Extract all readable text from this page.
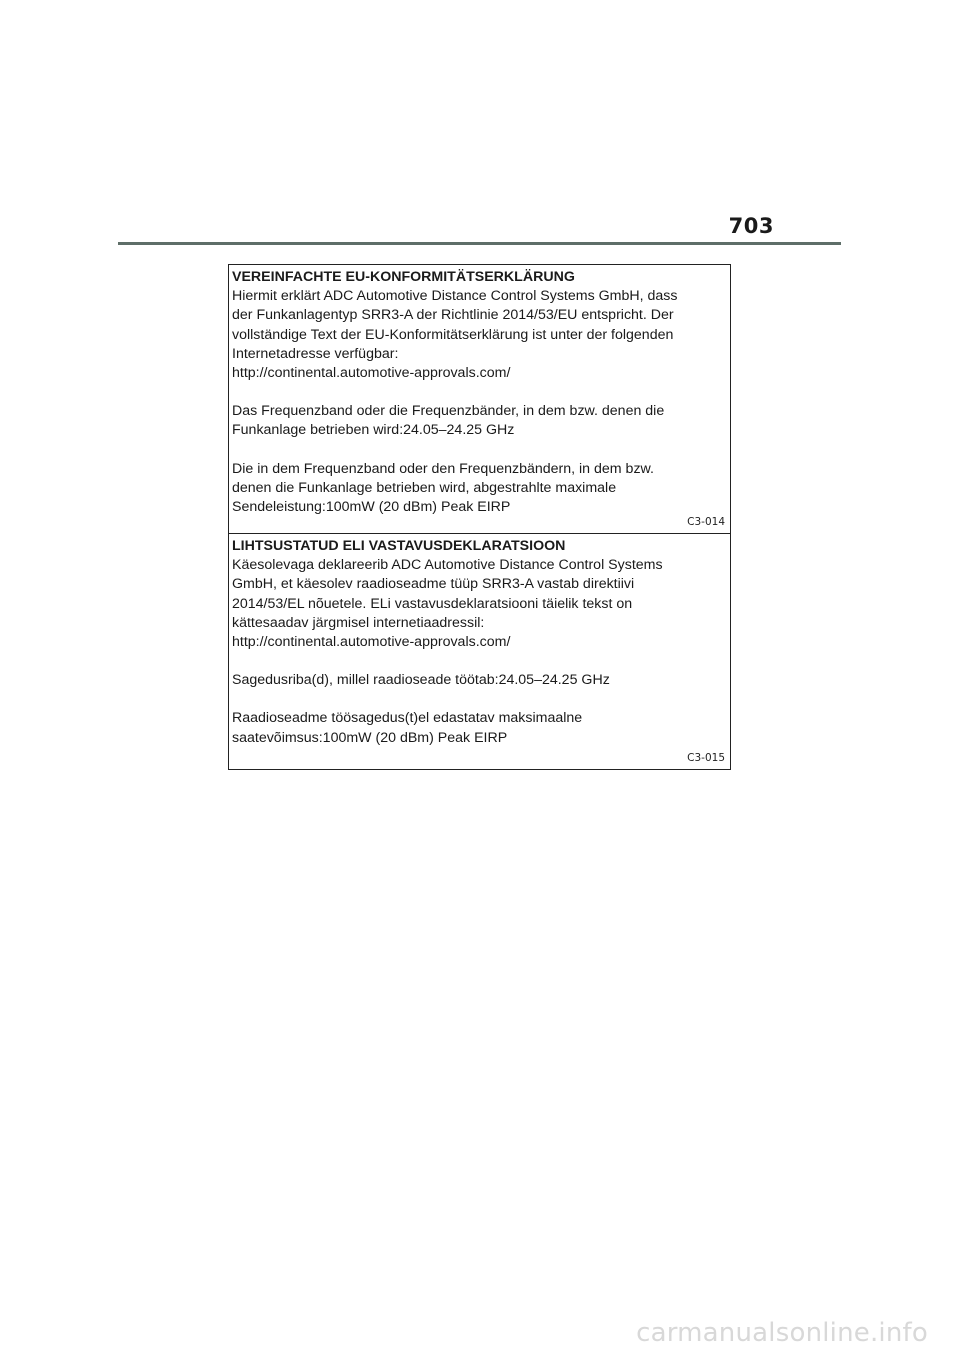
703

VEREINFACHTE EU-KONFORMITÄTSERKLÄRUNG

Hiermit erklärt ADC Automotive Distance Control Systems GmbH, dass
der Funkanlagentyp SRR3-A der Richtlinie 2014/53/EU entspricht. Der
vollständige Text der EU-Konformitätserklärung ist unter der folgenden
Internetadresse verfügbar:
http://continental.automotive-approvals.com/
Das Frequenzband oder die Frequenzbänder, in dem bzw. denen die
Funkanlage betrieben wird:24.05–24.25 GHz
Die in dem Frequenzband oder den Frequenzbändern, in dem bzw.
denen die Funkanlage betrieben wird, abgestrahlte maximale
Sendeleistung:100mW (20 dBm) Peak EIRP
C3-014

LIHTSUSTATUD ELI VASTAVUSDEKLARATSIOON

Käesolevaga deklareerib ADC Automotive Distance Control Systems
GmbH, et käesolev raadioseadme tüüp SRR3-A vastab direktiivi
2014/53/EL nõuetele. ELi vastavusdeklaratsiooni täielik tekst on
kättesaadav järgmisel internetiaadressil:
http://continental.automotive-approvals.com/
Sagedusriba(d), millel raadioseade töötab:24.05–24.25 GHz
Raadioseadme töösagedus(t)el edastatav maksimaalne
saatevõimsus:100mW (20 dBm) Peak EIRP
C3-015
carmanualsonline.info
